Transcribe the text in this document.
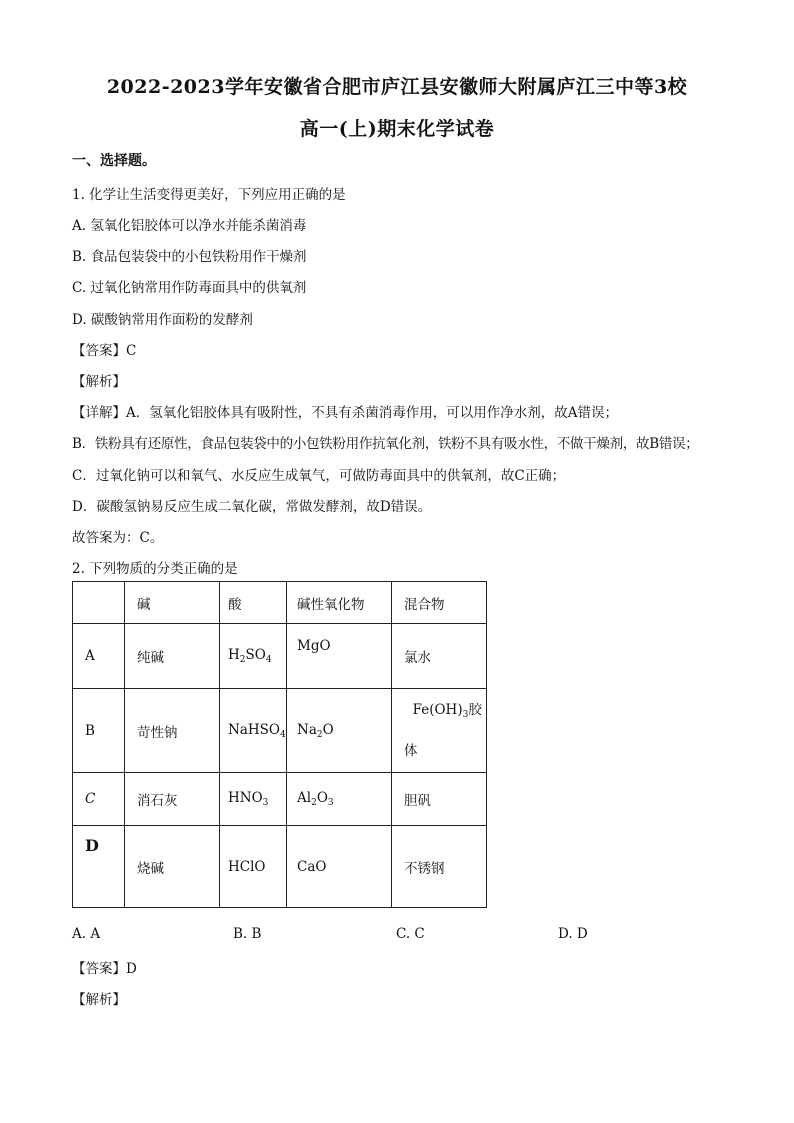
2022-2023学年安徽省合肥市庐江县安徽师大附属庐江三中等3校
高一(上)期末化学试卷
一、选择题。
1. 化学让生活变得更美好，下列应用正确的是
A. 氢氧化铝胶体可以净水并能杀菌消毒
B. 食品包装袋中的小包铁粉用作干燥剂
C. 过氧化钠常用作防毒面具中的供氧剂
D. 碳酸钠常用作面粉的发酵剂
【答案】C
【解析】
【详解】A．氢氧化铝胶体具有吸附性，不具有杀菌消毒作用，可以用作净水剂，故A错误；
B．铁粉具有还原性，食品包装袋中的小包铁粉用作抗氧化剂，铁粉不具有吸水性，不做干燥剂，故B错误；
C．过氧化钠可以和氧气、水反应生成氧气，可做防毒面具中的供氧剂，故C正确；
D．碳酸氢钠易反应生成二氧化碳，常做发酵剂，故D错误。
故答案为：C。
2. 下列物质的分类正确的是
	碱	酸	碱性氧化物	混合物
A	纯碱	$H_2SO_4$	MgO	氯水
B	苛性钠	NaHSO$_4$	$Na_2O$	$Fe(OH)_3$胶
体
C	消石灰	$HNO_3$	$Al_2O_3$	胆矾
D	烧碱	HClO	CaO	不锈钢
A. A	B. B	C. C	D. D
【答案】D
【解析】
